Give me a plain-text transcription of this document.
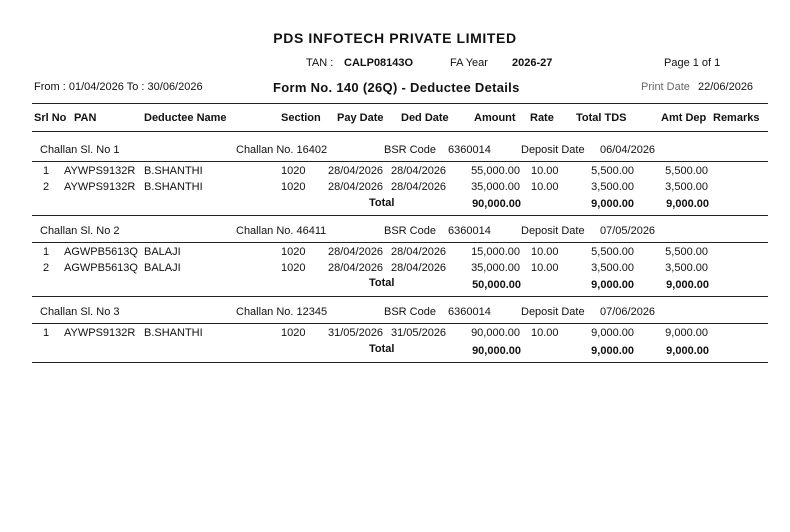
PDS INFOTECH PRIVATE LIMITED
TAN : CALP08143O	FA Year 2026-27	Page 1 of 1
From : 01/04/2026 To : 30/06/2026	Form No. 140 (26Q) - Deductee Details	Print Date 22/06/2026
Srl No PAN	Deductee Name	Section Pay Date Ded Date Amount Rate Total TDS	Amt Dep Remarks
Challan Sl. No 1	Challan No. 16402	BSR Code 6360014	Deposit Date 06/04/2026
1 AYWPS9132R B.SHANTHI	1020 28/04/2026 28/04/2026	55,000.00 10.00	5,500.00	5,500.00
2 AYWPS9132R B.SHANTHI	1020 28/04/2026 28/04/2026	35,000.00 10.00	3,500.00	3,500.00
Total	90,000.00	9,000.00	9,000.00
Challan Sl. No 2	Challan No. 46411	BSR Code 6360014	Deposit Date 07/05/2026
1 AGWPB5613Q BALAJI	1020 28/04/2026 28/04/2026	15,000.00 10.00	5,500.00	5,500.00
2 AGWPB5613Q BALAJI	1020 28/04/2026 28/04/2026	35,000.00 10.00	3,500.00	3,500.00
Total	50,000.00	9,000.00	9,000.00
Challan Sl. No 3	Challan No. 12345	BSR Code 6360014	Deposit Date 07/06/2026
1 AYWPS9132R B.SHANTHI	1020 31/05/2026 31/05/2026	90,000.00 10.00	9,000.00	9,000.00
Total	90,000.00	9,000.00	9,000.00
